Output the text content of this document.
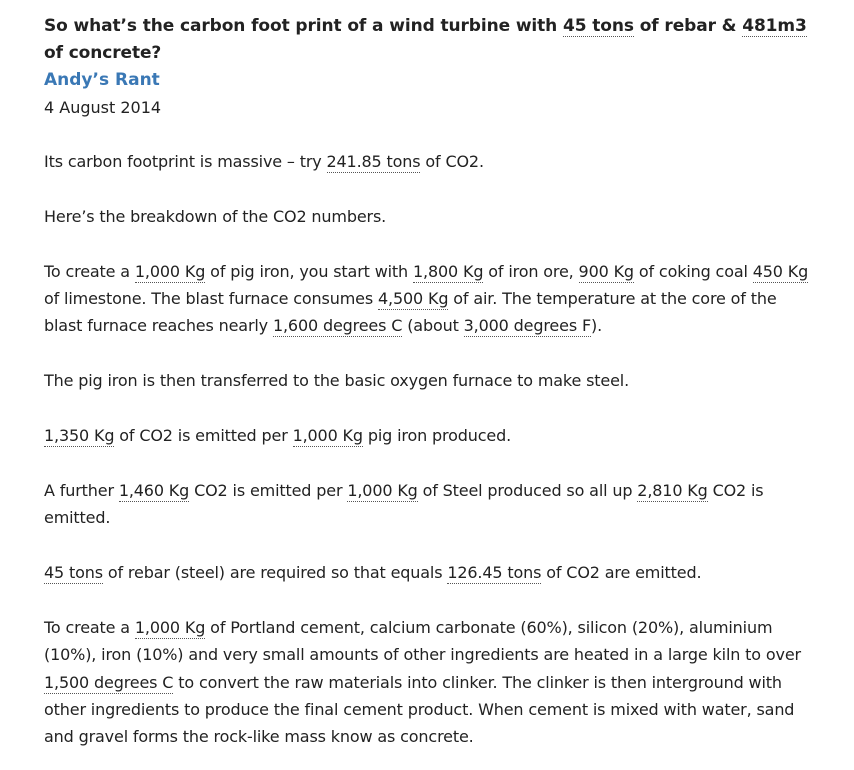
So what’s the carbon foot print of a wind turbine with 45 tons of rebar & 481m3 of concrete?
Andy’s Rant
4 August 2014

Its carbon footprint is massive – try 241.85 tons of CO2.

Here’s the breakdown of the CO2 numbers.

To create a 1,000 Kg of pig iron, you start with 1,800 Kg of iron ore, 900 Kg of coking coal 450 Kg of limestone. The blast furnace consumes 4,500 Kg of air. The temperature at the core of the blast furnace reaches nearly 1,600 degrees C (about 3,000 degrees F).

The pig iron is then transferred to the basic oxygen furnace to make steel.

1,350 Kg of CO2 is emitted per 1,000 Kg pig iron produced.

A further 1,460 Kg CO2 is emitted per 1,000 Kg of Steel produced so all up 2,810 Kg CO2 is emitted.

45 tons of rebar (steel) are required so that equals 126.45 tons of CO2 are emitted.

To create a 1,000 Kg of Portland cement, calcium carbonate (60%), silicon (20%), aluminium (10%), iron (10%) and very small amounts of other ingredients are heated in a large kiln to over 1,500 degrees C to convert the raw materials into clinker. The clinker is then interground with other ingredients to produce the final cement product. When cement is mixed with water, sand and gravel forms the rock-like mass know as concrete.
